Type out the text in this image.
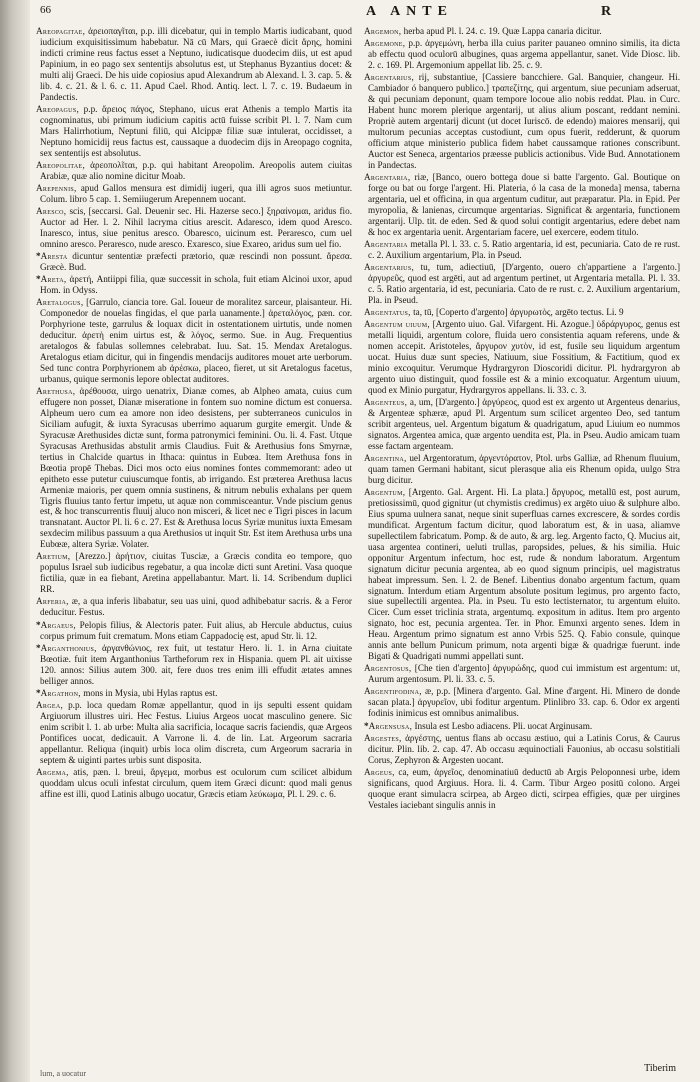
66	A ANTE	R

Areopagitae, ἀρειοπαγῖται, p.p. illi dicebatur, qui in templo Martis iudicabant, quod iudicium exquisitissimum habebatur. Nā cū Mars, qui Graecè dicit ἄρης, homini indicti crimine reus factus esset a Neptuno, iudicatisque duodecim diis, ut est apud Papinium, in eo pago sex sententijs absolutus est, ut Stephanus Byzantius docet: & multi alij Graeci. De his uide copiosius apud Alexandrum ab Alexand. l. 3. cap. 5. & lib. 4. c. 21. & l. 6. c. 11. Apud Cael. Rhod. Antiq. lect. l. 7. c. 19. Budaeum in Pandectis.

Areopagus, p.p. ἄρειος πάγος, Stephano, uicus erat Athenis a templo Martis ita cognominatus, ubi primum iudicium capitis actū fuisse scribit Pl. l. 7. Nam cum Mars Halirrhotium, Neptuni filiū, qui Alcippæ filiæ suæ intulerat, occidisset, a Neptuno homicidij reus factus est, caussaque a duodecim dijs in Areopago cognita, sex sententijs est absolutus.

Areopolitae, ἀρεοπολῖται, p.p. qui habitant Areopolim. Areopolis autem ciuitas Arabiæ, quæ alio nomine dicitur Moab.

Arepennis, apud Gallos mensura est dimidij iugeri, qua illi agros suos metiuntur. Colum. libro 5 cap. 1. Semiiugerum Arepennem uocant.

Aresco, scis, [seccarsi. Gal. Deuenir sec. Hi. Hazerse seco.] ξηραίνομαι, aridus fio. Auctor ad Her. l. 2. Nihil lacryma citius arescit. Adaresco, idem quod Aresco. Inaresco, intus, siue penitus aresco. Obaresco, uicinum est. Peraresco, cum uel omnino aresco. Peraresco, nude aresco. Exaresco, siue Exareo, aridus sum uel fio.

*Aresta dicuntur sententiæ præfecti prætorio, quæ rescindi non possunt. ἄρεσα. Græcè. Bud.

*Areta, ἀρετή, Antiippi filia, quæ successit in schola, fuit etiam Alcinoi uxor, apud Hom. in Odyss.

Aretalogus, [Garrulo, ciancia tore. Gal. Ioueur de moralitez sarceur, plaisanteur. Hi. Componedor de nouelas fingidas, el que parla uanamente.] ἀρεταλόγος, pæn. cor. Porphyrione teste, garrulus & loquax dicit in ostentationem uirtutis, unde nomen deducitur. ἀρετὴ enim uirtus est, & λόγος, sermo. Sue. in Aug. Frequentius aretalogos & fabulas sollemnes celebrabat. Iuu. Sat. 15. Mendax Aretalogus. Aretalogus etiam dicitur, qui in fingendis mendacijs auditores mouet arte uerborum. Sed tunc contra Porphyrionem ab ἀρέσκω, placeo, fieret, ut sit Aretalogus facetus, urbanus, quique sermonis lepore oblectat auditores.

Arethusa, ἀρέθουσα, uirgo uenatrix, Dianæ comes, ab Alpheo amata, cuius cum effugere non posset, Dianæ miseratione in fontem suo nomine dictum est conuersa. Alpheum uero cum ea amore non ideo desistens, per subterraneos cuniculos in Siciliam aufugit, & iuxta Syracusas uberrimo aquarum gurgite emergit. Unde & Syracusæ Arethusides dictæ sunt, forma patronymici feminini. Ou. li. 4. Fast. Utque Syracusas Arethusidas abstulit armis Claudius. Fuit & Arethusius fons Smyrnæ, tertius in Chalcide quartus in Ithaca: quintus in Eubœa. Item Arethusa fons in Bœotia propē Thebas. Dici mos octo eius nomines fontes commemorant: adeo ut epitheto esse putetur cuiuscumque fontis, ab irrigando. Est præterea Arethusa lacus Armeniæ maioris, per quem omnia sustinens, & nitrum nebulis exhalans per quem Tigris fluuius tanto fertur impetu, ut aquæ non commisceantur. Vnde piscium genus est, & hoc transcurrentis fluuij aluco non misceri, & licet nec e Tigri pisces in lacum transnatant. Auctor Pl. li. 6 c. 27. Est & Arethusa locus Syriæ munitus iuxta Emesam sexdecim milibus passuum a qua Arethusios ut inquit Str. Est item Arethusa urbs una Eubœæ, altera Syriæ. Volater.

Aretium, [Arezzo.] ἀρήτιον, ciuitas Tusciæ, a Græcis condita eo tempore, quo populus Israel sub iudicibus regebatur, a qua incolæ dicti sunt Aretini. Vasa quoque fictilia, quæ in ea fiebant, Aretina appellabantur. Mart. li. 14. Scribendum duplici RR.

Arferia, æ, a qua inferis libabatur, seu uas uini, quod adhibebatur sacris. & a Feror deducitur. Festus.

*Argaeus, Pelopis filius, & Alectoris pater. Fuit alius, ab Hercule abductus, cuius corpus primum fuit crematum. Mons etiam Cappadocię est, apud Str. li. 12.

*Arganthonius, ἀργανθώνιος, rex fuit, ut testatur Hero. li. 1. in Arna ciuitate Bœotiæ. fuit item Arganthonius Tartheforum rex in Hispania. quem Pl. ait uixisse 120. annos: Silius autem 300. ait, fere duos tres enim illi effudit ætates amnes belliger annos.

*Argathon, mons in Mysia, ubi Hylas raptus est.

Argea, p.p. loca quedam Romæ appellantur, quod in ijs sepulti essent quidam Argiuorum illustres uiri. Hec Festus. Liuius Argeos uocat masculino genere. Sic enim scribit l. 1. ab urbe: Multa alia sacrificia, locaque sacris faciendis, quæ Argeos Pontifices uocat, dedicauit. A Varrone li. 4. de lin. Lat. Argeorum sacraria appellantur. Reliqua (inquit) urbis loca olim discreta, cum Argeorum sacraria in septem & uiginti partes urbis sunt disposita.

Argema, atis, pæn. l. breui, ἄργεμα, morbus est oculorum cum scilicet albidum quoddam ulcus oculi infestat circulum, quem item Græci dicunt: quod mali genus affine est illi, quod Latinis albugo uocatur, Græcis etiam λεύκωμα, Pl. l. 29. c. 6.

Argemon, herba apud Pl. l. 24. c. 19. Quæ Lappa canaria dicitur.

Argemone, p.p. ἀργεμώνη, herba illa cuius pariter pauaneo omnino similis, ita dicta ab effectu quod oculorū albugines, quas argema appellantur, sanet. Vide Diosc. lib. 2. c. 169. Pl. Argemonium appellat lib. 25. c. 9.

Argentarius, rij, substantiue, [Cassiere bancchiere. Gal. Banquier, changeur. Hi. Cambiador ó banquero publico.] τραπεζίτης, qui argentum, siue pecuniam adseruat, & qui pecuniam deponunt, quam tempore locoue alio nobis reddat. Plau. in Curc. Habent hunc morem plerique argentarij, ut alius alium poscant, reddant nemini. Propriè autem argentarij dicunt (ut docet Iuriscō. de edendo) maiores mensarij, qui multorum pecunias acceptas custodiunt, cum opus fuerit, redderunt, & quorum officium atque ministerio publica fidem habet caussamque rationes conscribunt. Auctor est Seneca, argentarios præesse publicis actionibus. Vide Bud. Annotationem in Pandectas.

Argentaria, riæ, [Banco, ouero bottega doue si batte l'argento. Gal. Boutique on forge ou bat ou forge l'argent. Hi. Plateria, ó la casa de la moneda] mensa, taberna argentaria, uel et officina, in qua argentum cuditur, aut præparatur. Pla. in Epid. Per myropolia, & lanienas, circumque argentarias. Significat & argentaria, functionem argentarij. Ulp. tit. de eden. Sed & quod solui contigit argentarius, edere debet nam & hoc ex argentaria uenit. Argentariam facere, uel exercere, eodem titulo.

Argentaria metalla Pl. l. 33. c. 5. Ratio argentaria, id est, pecuniaria. Cato de re rust. c. 2. Auxilium argentarium, Pla. in Pseud.

Argentarius, tu, tum, adiectiuū, [D'argento, ouero ch'appartiene a l'argento.] ἀργυρεῦς, quod est argēti, aut ad argentum pertinet, ut Argentaria metalla. Pl. l. 33. c. 5. Ratio argentaria, id est, pecuniaria. Cato de re rust. c. 2. Auxilium argentarium, Pla. in Pseud.

Argentatus, ta, tū, [Coperto d'argento] ἀργυρωτὸς, argēto tectus. Li. 9

Argentum uiuum, [Argento uiuo. Gal. Vifargent. Hi. Azogue.] ὑδράργυρος, genus est metalli liquidi, argentum colore, fluida uero consistentia aquam referens, unde & nomen accepit. Aristoteles, ἄργυρον χυτὸν, id est, fusile seu liquidum argentum uocat. Huius duæ sunt species, Natiuum, siue Fossitium, & Factitium, quod ex minio excoquitur. Verumque Hydrargyron Dioscoridi dicitur. Pl. hydrargyron ab argento uiuo distinguit, quod fossile est & a minio excoquatur. Argentum uiuum, quod ex Minio purgatur, Hydrargyros appellans. li. 33. c. 3.

Argenteus, a, um, [D'argento.] ἀργύρεος, quod est ex argento ut Argenteus denarius, & Argenteæ sphæræ, apud Pl. Argentum sum scilicet argenteo Deo, sed tantum scribit argenteus, uel. Argentum bigatum & quadrigatum, apud Liuium eo nummos signatos. Argentea amica, quæ argento uendita est, Pla. in Pseu. Audio amicam tuam esse factam argenteam.

Argentina, uel Argentoratum, ἀργεντόρατον, Ptol. urbs Galliæ, ad Rhenum fluuium, quam tamen Germani habitant, sicut plerasque alia eis Rhenum opida, uulgo Stra burg dicitur.

Argentum, [Argento. Gal. Argent. Hi. La plata.] ἄργυρος, metallū est, post aurum, pretiosissimū, quod gignitur (ut chymistis credimus) ex argēto uiuo & sulphure albo. Eius spuma uulnera sanat, neque sinit superfluas carnes excrescere, & sordes cordis mundificat. Argentum factum dicitur, quod laboratum est, & in uasa, aliamve supellectilem fabricatum. Pomp. & de auto, & arg. leg. Argento facto, Q. Mucius ait, uasa argentea contineri, ueluti trullas, paropsides, pelues, & his similia. Huic opponitur Argentum infectum, hoc est, rude & nondum laboratum. Argentum signatum dicitur pecunia argentea, ab eo quod signum principis, uel magistratus habeat impressum. Sen. l. 2. de Benef. Libentius donabo argentum factum, quam signatum. Interdum etiam Argentum absolute positum legimus, pro argento facto, siue supellectili argentea. Pla. in Pseu. Tu esto lectisternator, tu argentum eluito. Cicer. Cum esset triclinia strata, argentumq. expositum in aditus. Item pro argento signato, hoc est, pecunia argentea. Ter. in Phor. Emunxi argento senes. Idem in Heau. Argentum primo signatum est anno Vrbis 525. Q. Fabio consule, quinque annis ante bellum Punicum primum, nota argenti bigæ & quadrigæ fuerunt. inde Bigati & Quadrigati nummi appellati sunt.

Argentosus, [Che tien d'argento] ἀργυρώδης, quod cui immistum est argentum: ut, Aurum argentosum. Pl. li. 33. c. 5.

Argentifodina, æ, p.p. [Minera d'argento. Gal. Mine d'argent. Hi. Minero de donde sacan plata.] ἀργυρεῖον, ubi foditur argentum. Plinlibro 33. cap. 6. Odor ex argenti fodinis inimicus est omnibus animalibus.

*Argensusa, Insula est Lesbo adiacens. Pli. uocat Arginusam.

Argestes, ἀργέστης, uentus flans ab occasu æstiuo, qui a Latinis Corus, & Caurus dicitur. Plin. lib. 2. cap. 47. Ab occasu æquinoctiali Fauonius, ab occasu solstitiali Corus, Zephyron & Argesten uocant.

Argeus, ca, eum, ἀργεῖος, denominatiuū deductū ab Argis Peloponnesi urbe, idem significans, quod Argiuus. Hora. li. 4. Carm. Tibur Argeo positū colono. Argei quoque erant simulacra scirpea, ab Argeo dicti, scirpea effigies, quæ per uirgines Vestales iaciebant singulis annis in

lum, a uocatur	Tiberim
